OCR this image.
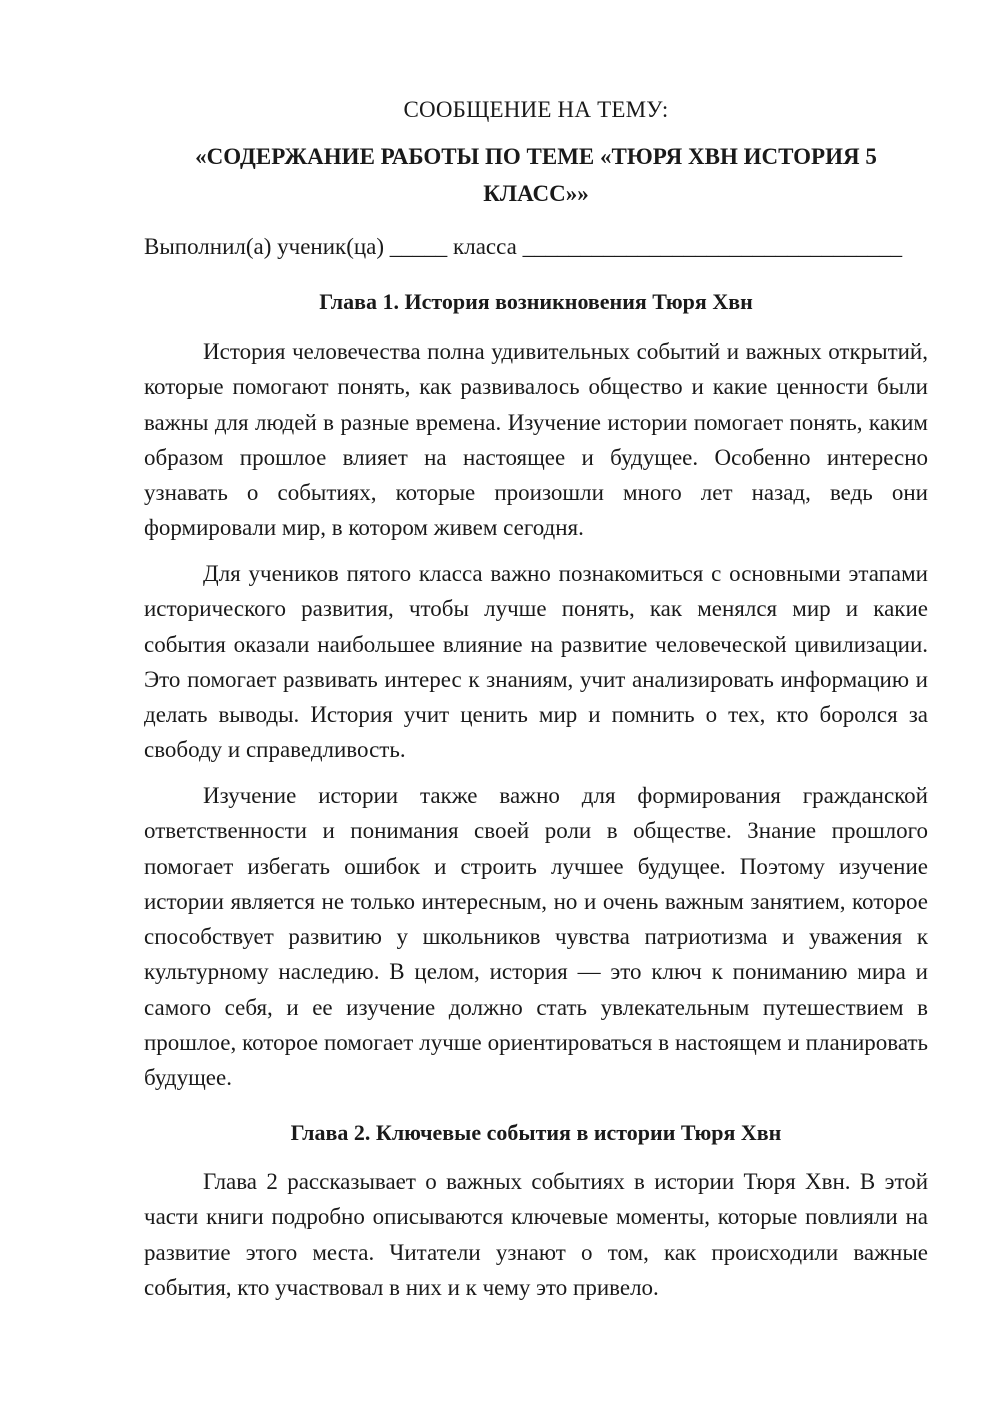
СООБЩЕНИЕ НА ТЕМУ:
«СОДЕРЖАНИЕ РАБОТЫ ПО ТЕМЕ «ТЮРЯ ХВН ИСТОРИЯ 5 КЛАСС»»
Выполнил(а) ученик(ца) _____ класса _________________________________
Глава 1. История возникновения Тюря Хвн

История человечества полна удивительных событий и важных открытий, которые помогают понять, как развивалось общество и какие ценности были важны для людей в разные времена. Изучение истории помогает понять, каким образом прошлое влияет на настоящее и будущее. Особенно интересно узнавать о событиях, которые произошли много лет назад, ведь они формировали мир, в котором живем сегодня.

Для учеников пятого класса важно познакомиться с основными этапами исторического развития, чтобы лучше понять, как менялся мир и какие события оказали наибольшее влияние на развитие человеческой цивилизации. Это помогает развивать интерес к знаниям, учит анализировать информацию и делать выводы. История учит ценить мир и помнить о тех, кто боролся за свободу и справедливость.

Изучение истории также важно для формирования гражданской ответственности и понимания своей роли в обществе. Знание прошлого помогает избегать ошибок и строить лучшее будущее. Поэтому изучение истории является не только интересным, но и очень важным занятием, которое способствует развитию у школьников чувства патриотизма и уважения к культурному наследию. В целом, история — это ключ к пониманию мира и самого себя, и ее изучение должно стать увлекательным путешествием в прошлое, которое помогает лучше ориентироваться в настоящем и планировать будущее.

Глава 2. Ключевые события в истории Тюря Хвн

Глава 2 рассказывает о важных событиях в истории Тюря Хвн. В этой части книги подробно описываются ключевые моменты, которые повлияли на развитие этого места. Читатели узнают о том, как происходили важные события, кто участвовал в них и к чему это привело.
